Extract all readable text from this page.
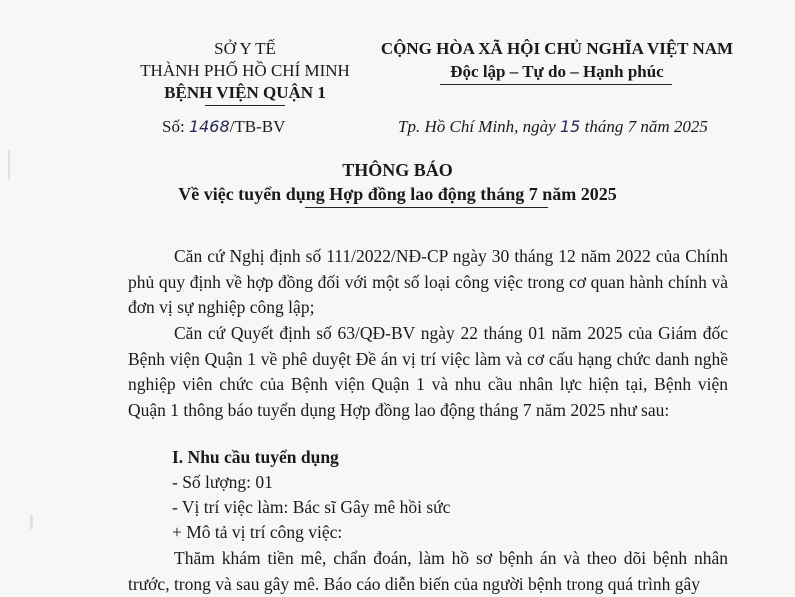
SỞ Y TẾ
THÀNH PHỐ HỒ CHÍ MINH
BỆNH VIỆN QUẬN 1
CỘNG HÒA XÃ HỘI CHỦ NGHĨA VIỆT NAM
Độc lập – Tự do – Hạnh phúc
Số: 1468/TB-BV	Tp. Hồ Chí Minh, ngày 15 tháng 7 năm 2025
THÔNG BÁO
Về việc tuyển dụng Hợp đồng lao động tháng 7 năm 2025

Căn cứ Nghị định số 111/2022/NĐ-CP ngày 30 tháng 12 năm 2022 của Chính phủ quy định về hợp đồng đối với một số loại công việc trong cơ quan hành chính và đơn vị sự nghiệp công lập;

Căn cứ Quyết định số 63/QĐ-BV ngày 22 tháng 01 năm 2025 của Giám đốc Bệnh viện Quận 1 về phê duyệt Đề án vị trí việc làm và cơ cấu hạng chức danh nghề nghiệp viên chức của Bệnh viện Quận 1 và nhu cầu nhân lực hiện tại, Bệnh viện Quận 1 thông báo tuyển dụng Hợp đồng lao động tháng 7 năm 2025 như sau:

I. Nhu cầu tuyển dụng
- Số lượng: 01
- Vị trí việc làm: Bác sĩ Gây mê hồi sức
+ Mô tả vị trí công việc:

Thăm khám tiền mê, chẩn đoán, làm hồ sơ bệnh án và theo dõi bệnh nhân trước, trong và sau gây mê. Báo cáo diễn biến của người bệnh trong quá trình gây
